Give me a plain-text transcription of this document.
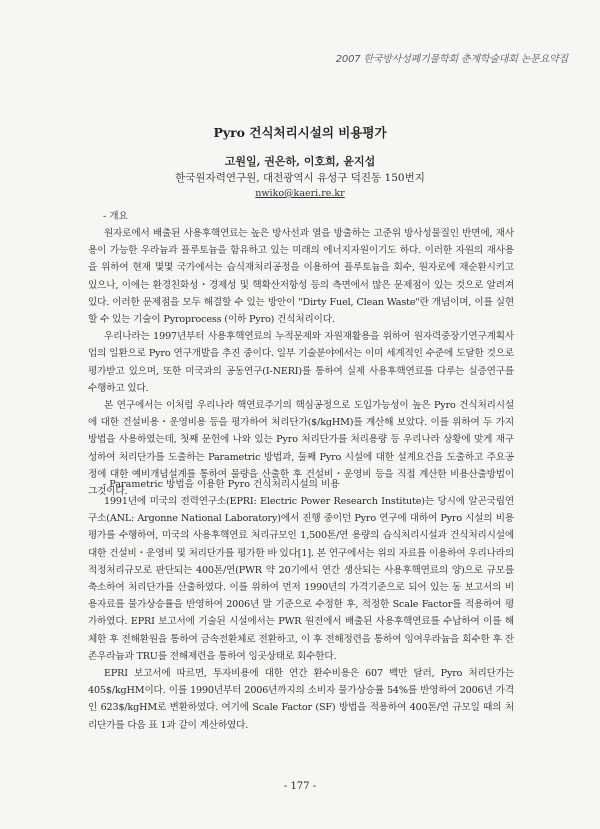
2007 한국방사성폐기물학회 춘계학술대회 논문요약집
Pyro 건식처리시설의 비용평가
고원일, 권은하, 이호희, 윤지섭
한국원자력연구원, 대전광역시 유성구 덕진동 150번지
nwiko@kaeri.re.kr
- 개요

원자로에서 배출된 사용후핵연료는 높은 방사선과 열을 방출하는 고준위 방사성물질인 반면에, 재사용이 가능한 우라늄과 플루토늄을 함유하고 있는 미래의 에너지자원이기도 하다. 이러한 자원의 재사용을 위하여 현재 몇몇 국가에서는 습식재처리공정을 이용하여 플루토늄을 회수, 원자로에 재순환시키고 있으나, 이에는 환경친화성・경제성 및 핵확산저항성 등의 측면에서 많은 문제점이 있는 것으로 알려져 있다. 이러한 문제점을 모두 해결할 수 있는 방안이 "Dirty Fuel, Clean Waste"란 개념이며, 이를 실현할 수 있는 기술이 Pyroprocess (이하 Pyro) 건식처리이다.

우리나라는 1997년부터 사용후핵연료의 누적문제와 자원재활용을 위하여 원자력중장기연구계획사업의 일환으로 Pyro 연구개발을 추진 중이다. 일부 기술분야에서는 이미 세계적인 수준에 도달한 것으로 평가받고 있으며, 또한 미국과의 공동연구(I-NERI)를 통하여 실제 사용후핵연료를 다루는 실증연구를 수행하고 있다.

본 연구에서는 이처럼 우리나라 핵연료주기의 핵심공정으로 도입가능성이 높은 Pyro 건식처리시설에 대한 건설비용・운영비용 등을 평가하여 처리단가($/kgHM)를 계산해 보았다. 이를 위하여 두 가지 방법을 사용하였는데, 첫째 문헌에 나와 있는 Pyro 처리단가를 처리용량 등 우리나라 상황에 맞게 재구성하여 처리단가를 도출하는 Parametric 방법과, 둘째 Pyro 시설에 대한 설계요건을 도출하고 주요공정에 대한 예비개념설계를 통하여 물량을 산출한 후 건설비・운영비 등을 직접 계산한 비용산출방법이 그것이다.

- Parametric 방법을 이용한 Pyro 건식처리시설의 비용

1991년에 미국의 전력연구소(EPRI: Electric Power Research Institute)는 당시에 알곤국립연구소(ANL: Argonne National Laboratory)에서 진행 중이던 Pyro 연구에 대하여 Pyro 시설의 비용평가를 수행하여, 미국의 사용후핵연료 처리규모인 1,500톤/연 용량의 습식처리시설과 건식처리시설에 대한 건설비・운영비 및 처리단가를 평가한 바 있다[1]. 본 연구에서는 위의 자료를 이용하여 우리나라의 적정처리규모로 판단되는 400톤/연(PWR 약 20기에서 연간 생산되는 사용후핵연료의 양)으로 규모를 축소하여 처리단가를 산출하였다. 이를 위하여 먼저 1990년의 가격기준으로 되어 있는 동 보고서의 비용자료를 물가상승률을 반영하여 2006년 말 기준으로 수정한 후, 적정한 Scale Factor를 적용하여 평가하였다. EPRI 보고서에 기술된 시설에서는 PWR 원전에서 배출된 사용후핵연료를 수납하여 이를 해체한 후 전해환원을 통하여 금속전환체로 전환하고, 이 후 전해정련을 통하여 잉여우라늄을 회수한 후 잔존우라늄과 TRU를 전해제련을 통하여 잉곳상태로 회수한다.

EPRI 보고서에 따르면, 투자비용에 대한 연간 환수비용은 607 백만 달러, Pyro 처리단가는 405$/kgHM이다. 이를 1990년부터 2006년까지의 소비자 물가상승률 54%를 반영하여 2006년 가격인 623$/kgHM로 변환하였다. 여기에 Scale Factor (SF) 방법을 적용하여 400톤/연 규모일 때의 처리단가를 다음 표 1과 같이 계산하였다.

- 177 -
